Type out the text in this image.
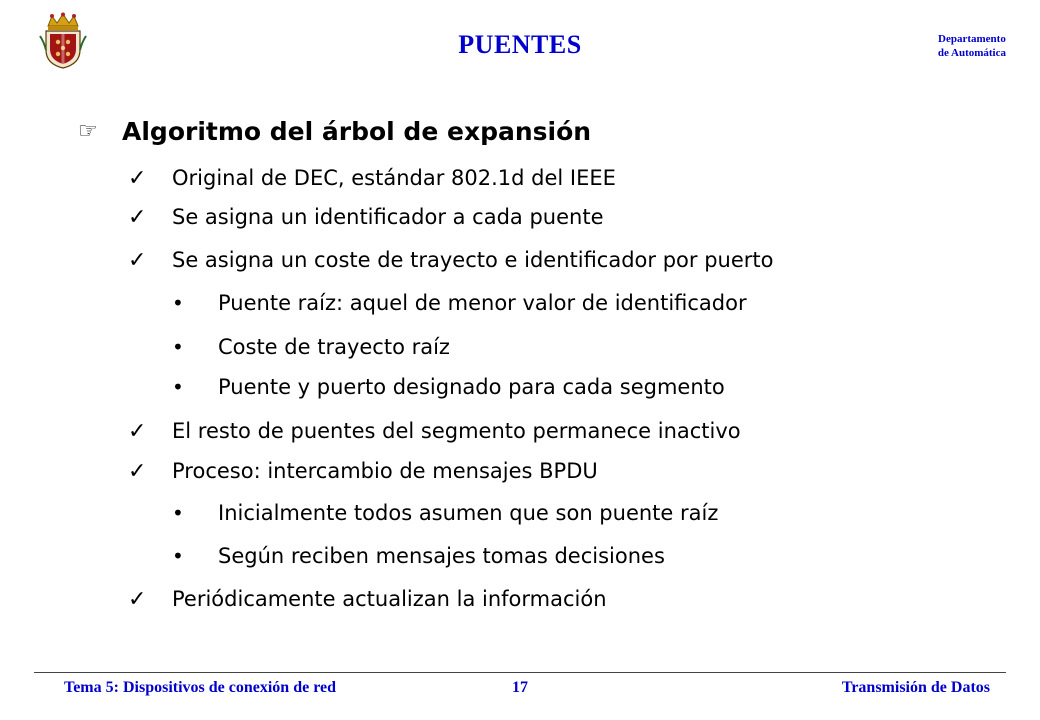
PUENTES	Departamento
de Automática
☞ Algoritmo del árbol de expansión
✓	Original de DEC, estándar 802.1d del IEEE
✓	Se asigna un identificador a cada puente
✓	Se asigna un coste de trayecto e identificador por puerto
•	Puente raíz: aquel de menor valor de identificador
•	Coste de trayecto raíz
•	Puente y puerto designado para cada segmento
✓	El resto de puentes del segmento permanece inactivo
✓	Proceso: intercambio de mensajes BPDU
•	Inicialmente todos asumen que son puente raíz
•	Según reciben mensajes tomas decisiones
✓	Periódicamente actualizan la información
Tema 5: Dispositivos de conexión de red	17	Transmisión de Datos
